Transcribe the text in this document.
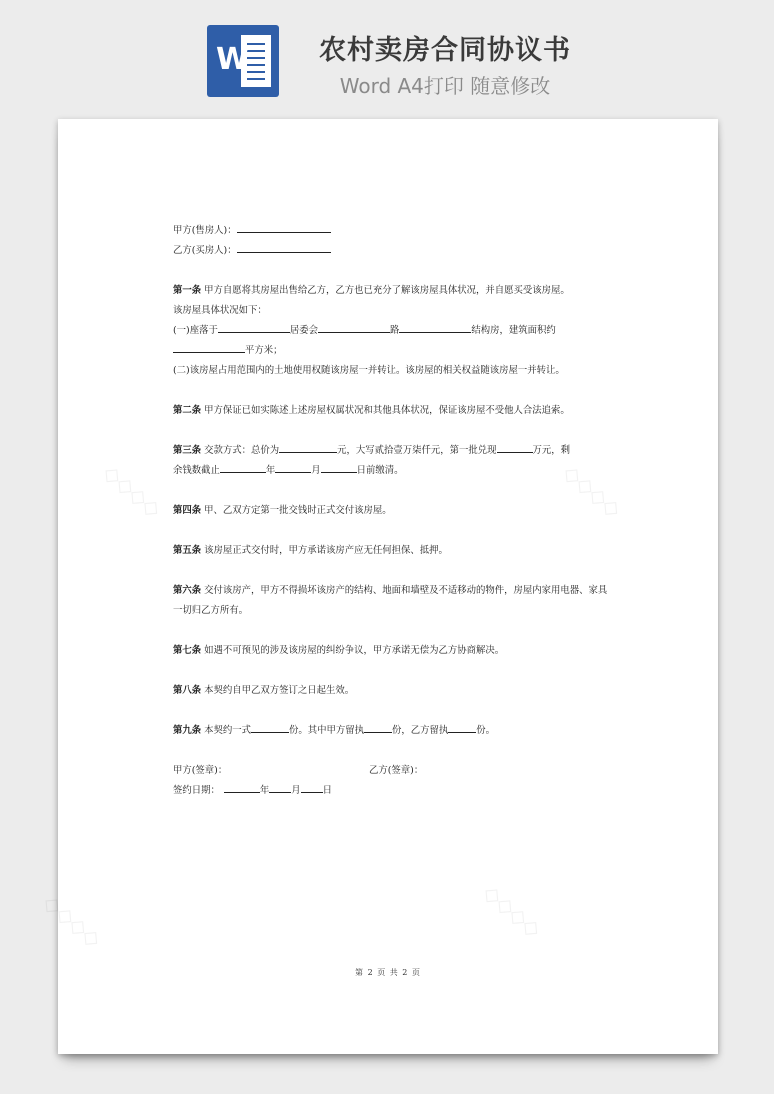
W	农村卖房合同协议书
Word A4打印 随意修改
◇◇◇◇	◇◇◇◇
◇◇◇◇
◇◇◇◇

甲方(售房人)：

乙方(买房人)：

第一条 甲方自愿将其房屋出售给乙方，乙方也已充分了解该房屋具体状况，并自愿买受该房屋。

该房屋具体状况如下：

(一)座落于	居委会	路	结构房，建筑面积约

平方米；

(二)该房屋占用范围内的土地使用权随该房屋一并转让。该房屋的相关权益随该房屋一并转让。

第二条 甲方保证已如实陈述上述房屋权属状况和其他具体状况，保证该房屋不受他人合法追索。

第三条 交款方式：总价为	元，大写贰拾壹万柒仟元，第一批兑现	万元，剩

余钱数截止	年	月	日前缴清。

第四条 甲、乙双方定第一批交钱时正式交付该房屋。

第五条 该房屋正式交付时，甲方承诺该房产应无任何担保、抵押。

第六条 交付该房产，甲方不得损坏该房产的结构、地面和墙壁及不适移动的物件，房屋内家用电器、家具一切归乙方所有。

第七条 如遇不可预见的涉及该房屋的纠纷争议，甲方承诺无偿为乙方协商解决。

第八条 本契约自甲乙双方签订之日起生效。

第九条 本契约一式	份。其中甲方留执	份，乙方留执	份。

甲方(签章)：	乙方(签章)：

签约日期：	年 月 日

第 2 页 共 2 页
